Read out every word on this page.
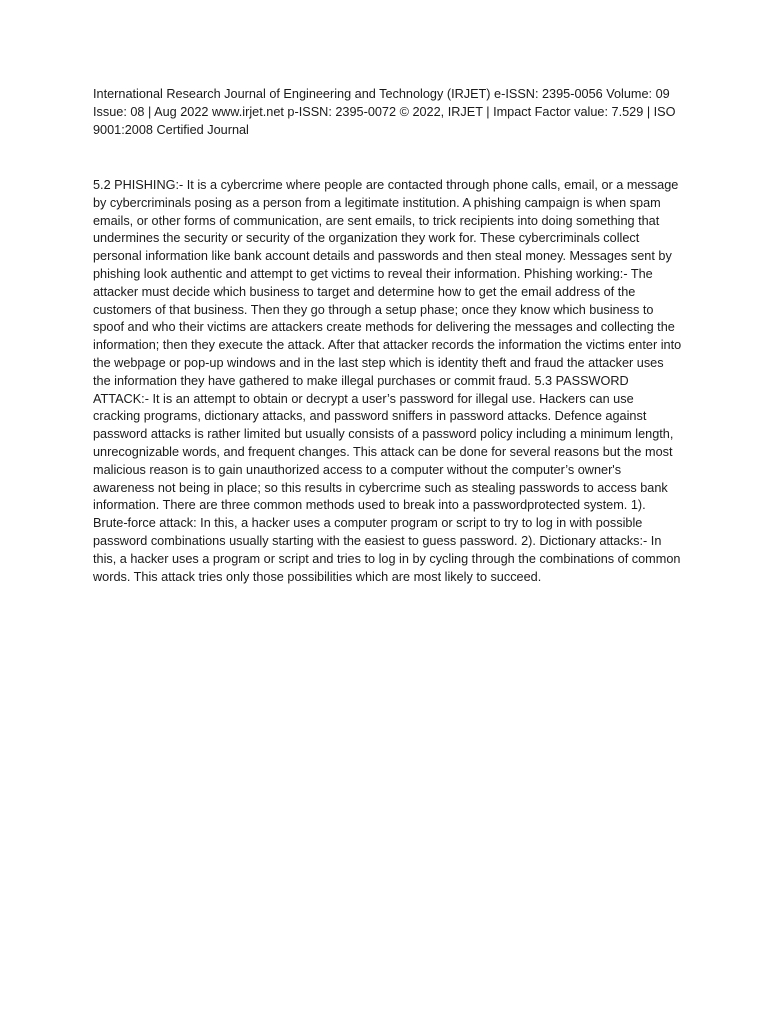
International Research Journal of Engineering and Technology (IRJET) e-ISSN: 2395-0056 Volume: 09 Issue: 08 | Aug 2022 www.irjet.net p-ISSN: 2395-0072 © 2022, IRJET | Impact Factor value: 7.529 | ISO 9001:2008 Certified Journal

5.2 PHISHING:- It is a cybercrime where people are contacted through phone calls, email, or a message by cybercriminals posing as a person from a legitimate institution. A phishing campaign is when spam emails, or other forms of communication, are sent emails, to trick recipients into doing something that undermines the security or security of the organization they work for. These cybercriminals collect personal information like bank account details and passwords and then steal money. Messages sent by phishing look authentic and attempt to get victims to reveal their information. Phishing working:- The attacker must decide which business to target and determine how to get the email address of the customers of that business. Then they go through a setup phase; once they know which business to spoof and who their victims are attackers create methods for delivering the messages and collecting the information; then they execute the attack. After that attacker records the information the victims enter into the webpage or pop-up windows and in the last step which is identity theft and fraud the attacker uses the information they have gathered to make illegal purchases or commit fraud. 5.3 PASSWORD ATTACK:- It is an attempt to obtain or decrypt a user’s password for illegal use. Hackers can use cracking programs, dictionary attacks, and password sniffers in password attacks. Defence against password attacks is rather limited but usually consists of a password policy including a minimum length, unrecognizable words, and frequent changes. This attack can be done for several reasons but the most malicious reason is to gain unauthorized access to a computer without the computer’s owner's awareness not being in place; so this results in cybercrime such as stealing passwords to access bank information. There are three common methods used to break into a passwordprotected system. 1). Brute-force attack: In this, a hacker uses a computer program or script to try to log in with possible password combinations usually starting with the easiest to guess password. 2). Dictionary attacks:- In this, a hacker uses a program or script and tries to log in by cycling through the combinations of common words. This attack tries only those possibilities which are most likely to succeed.
